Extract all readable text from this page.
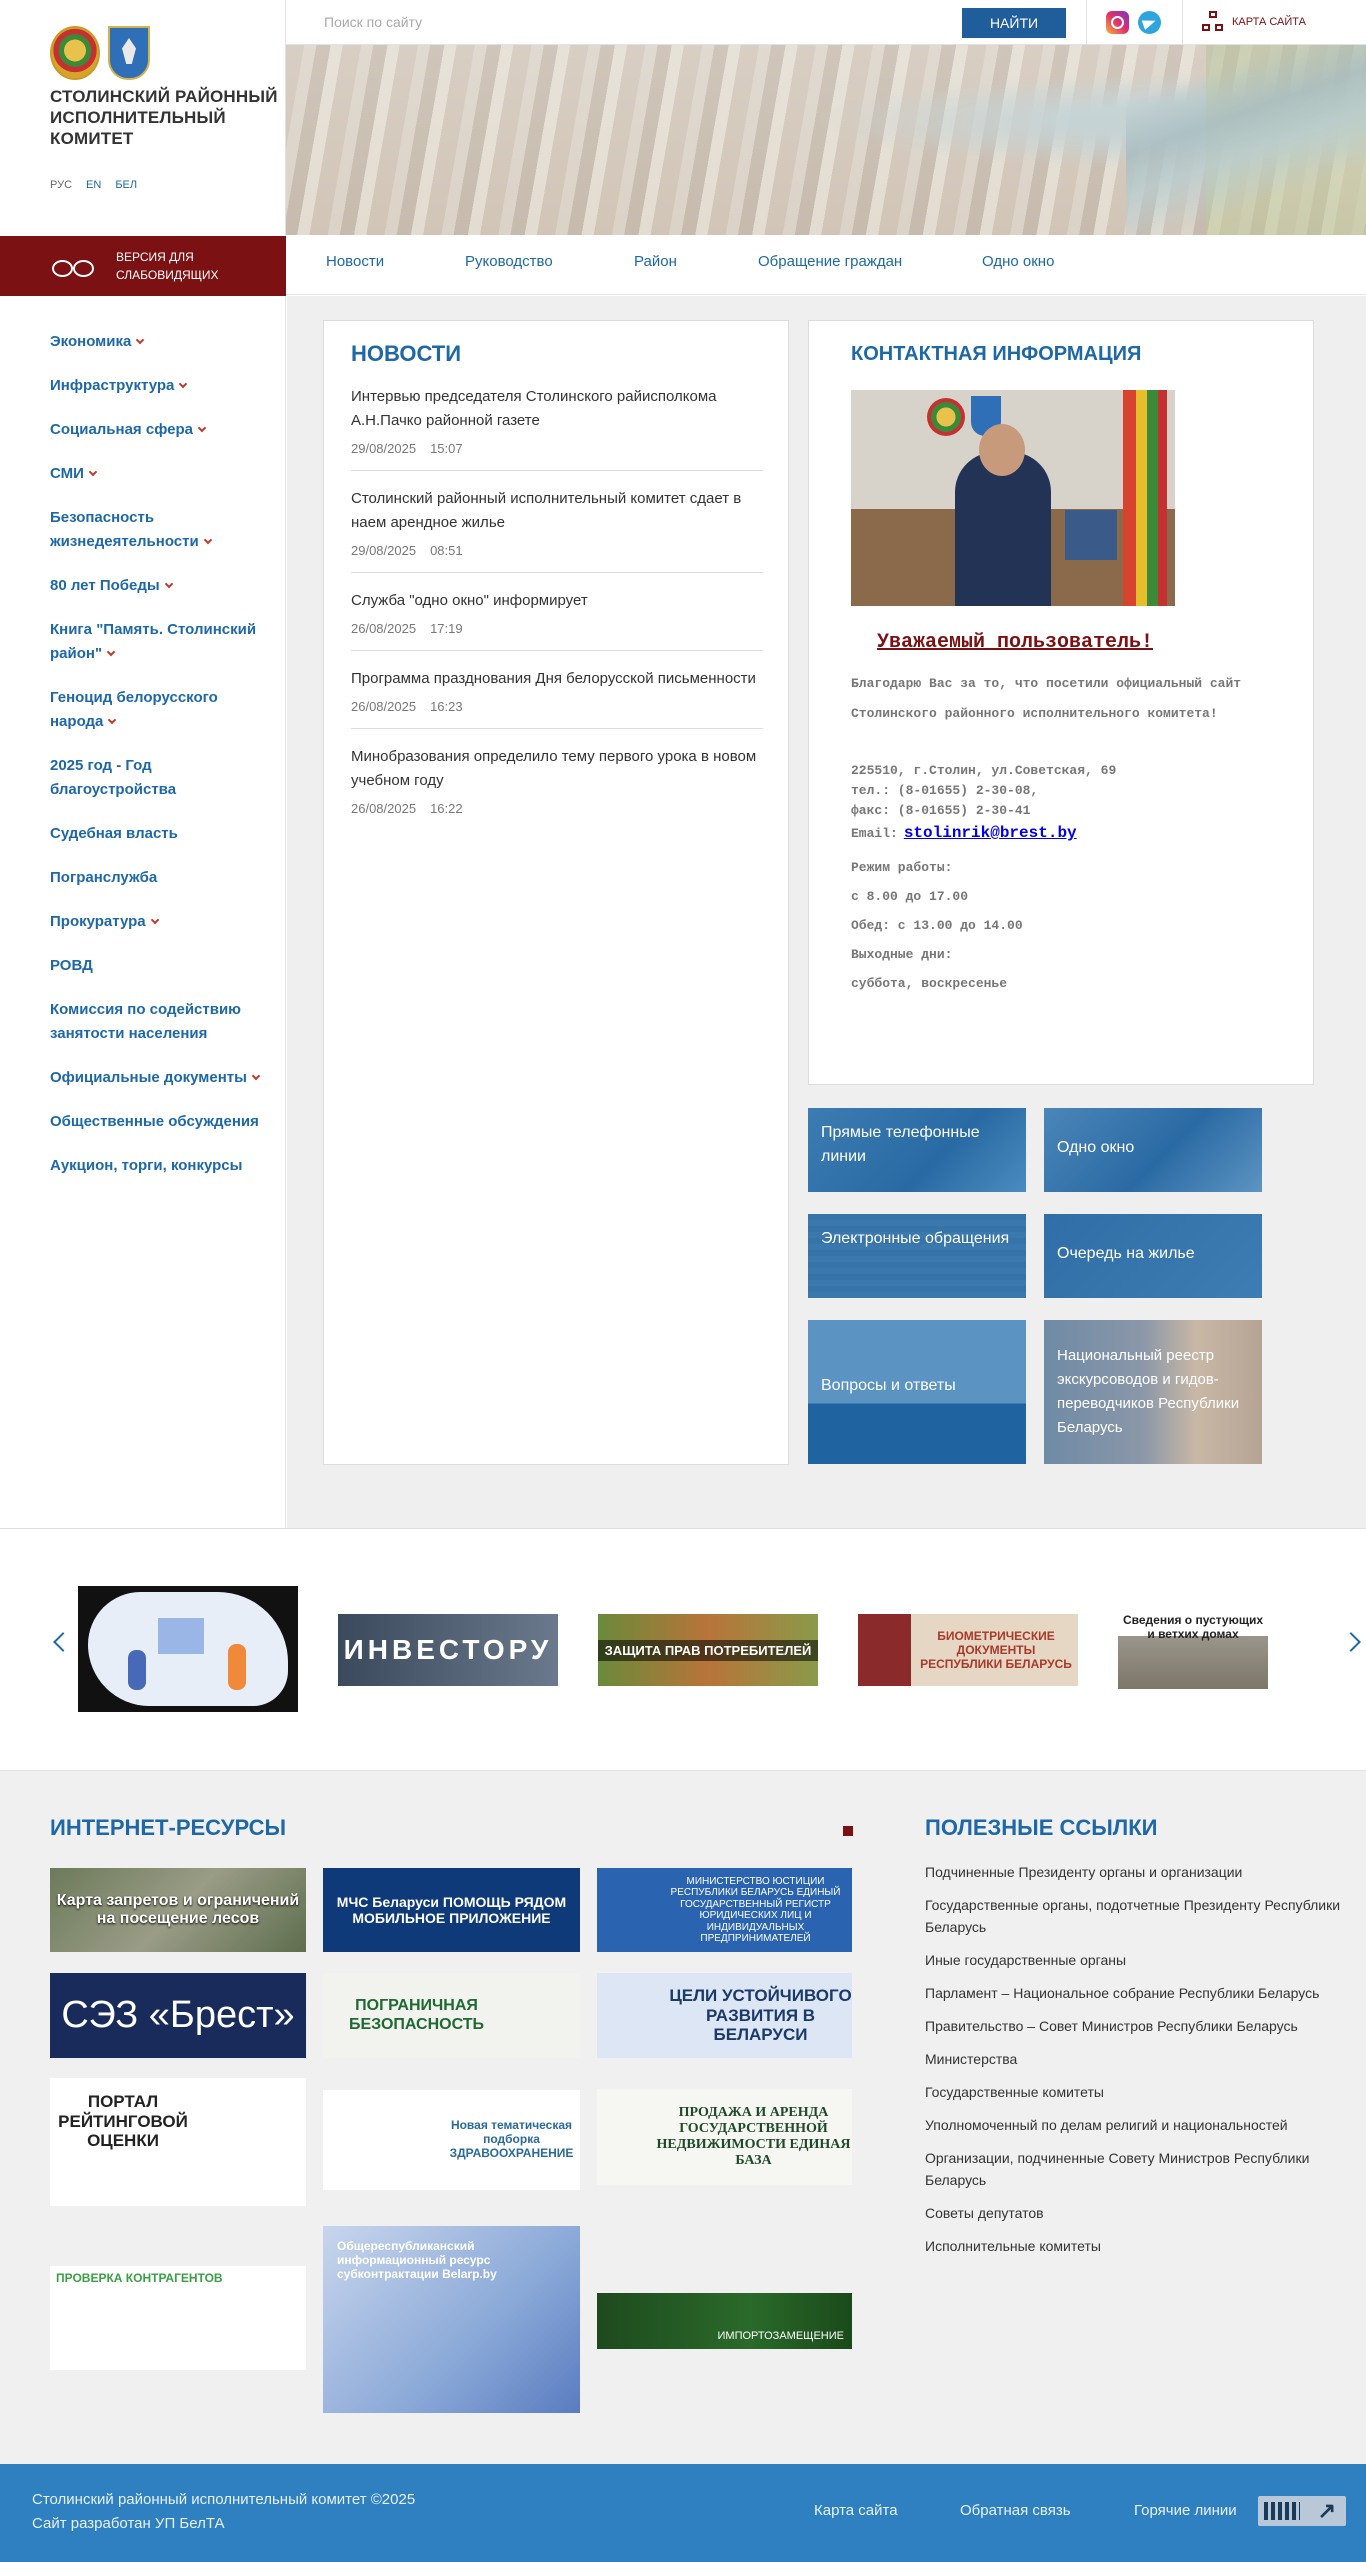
СТОЛИНСКИЙ РАЙОННЫЙ ИСПОЛНИТЕЛЬНЫЙ КОМИТЕТ
РУС EN БЕЛ
ВЕРСИЯ ДЛЯ СЛАБОВИДЯЩИХ
Экономика
Инфраструктура
Социальная сфера
СМИ
Безопасность жизнедеятельности
80 лет Победы
Книга "Память. Столинский район"
Геноцид белорусского народа
2025 год - Год благоустройства
Судебная власть
Погранслужба
Прокуратура
РОВД
Комиссия по содействию занятости населения
Официальные документы
Общественные обсуждения
Аукцион, торги, конкурсы
Поиск по сайту
НАЙТИ	КАРТА САЙТА
Новости	Руководство	Район	Обращение граждан	Одно окно
НОВОСТИ
Интервью председателя Столинского райисполкома А.Н.Пачко районной газете
29/08/2025 15:07
Столинский районный исполнительный комитет сдает в наем арендное жилье
29/08/2025 08:51
Служба "одно окно" информирует
26/08/2025 17:19
Программа празднования Дня белорусской письменности
26/08/2025 16:23
Минобразования определило тему первого урока в новом учебном году
26/08/2025 16:22
КОНТАКТНАЯ ИНФОРМАЦИЯ
Уважаемый пользователь!
Благодарю Вас за то, что посетили официальный сайт Столинского районного исполнительного комитета!
225510, г.Столин, ул.Советская, 69
тел.: (8-01655) 2-30-08,
факс: (8-01655) 2-30-41
Email: stolinrik@brest.by
Режим работы:
с 8.00 до 17.00
Обед: с 13.00 до 14.00
Выходные дни:
суббота, воскресенье
Прямые телефонные линии
Одно окно
Электронные обращения
Очередь на жилье
Вопросы и ответы
Национальный реестр экскурсоводов и гидов-переводчиков Республики Беларусь
ИНВЕСТОРУ	ЗАЩИТА ПРАВ ПОТРЕБИТЕЛЕЙ
БИОМЕТРИЧЕСКИЕ ДОКУМЕНТЫ РЕСПУБЛИКИ БЕЛАРУСЬ
Сведения о пустующих и ветхих домах
ИНТЕРНЕТ-РЕСУРСЫ
Карта запретов и ограничений на посещение лесов
МЧС Беларуси ПОМОЩЬ РЯДОМ МОБИЛЬНОЕ ПРИЛОЖЕНИЕ
МИНИСТЕРСТВО ЮСТИЦИИ РЕСПУБЛИКИ БЕЛАРУСЬ ЕДИНЫЙ ГОСУДАРСТВЕННЫЙ РЕГИСТР ЮРИДИЧЕСКИХ ЛИЦ И ИНДИВИДУАЛЬНЫХ ПРЕДПРИНИМАТЕЛЕЙ
СЭЗ «Брест»	ПОГРАНИЧНАЯ БЕЗОПАСНОСТЬ
ЦЕЛИ УСТОЙЧИВОГО РАЗВИТИЯ В БЕЛАРУСИ
ПОРТАЛ РЕЙТИНГОВОЙ ОЦЕНКИ
Новая тематическая подборка ЗДРАВООХРАНЕНИЕ
ПРОДАЖА И АРЕНДА ГОСУДАРСТВЕННОЙ НЕДВИЖИМОСТИ ЕДИНАЯ БАЗА
ПРОВЕРКА КОНТРАГЕНТОВ
Общереспубликанский информационный ресурс субконтрактации Belarp.by
ИМПОРТОЗАМЕЩЕНИЕ
ПОЛЕЗНЫЕ ССЫЛКИ
Подчиненные Президенту органы и организации
Государственные органы, подотчетные Президенту Республики Беларусь
Иные государственные органы
Парламент – Национальное собрание Республики Беларусь
Правительство – Совет Министров Республики Беларусь
Министерства
Государственные комитеты
Уполномоченный по делам религий и национальностей
Организации, подчиненные Совету Министров Республики Беларусь
Советы депутатов
Исполнительные комитеты
Столинский районный исполнительный комитет ©2025
Сайт разработан УП БелТА
Карта сайта	Обратная связь	Горячие линии
↗
